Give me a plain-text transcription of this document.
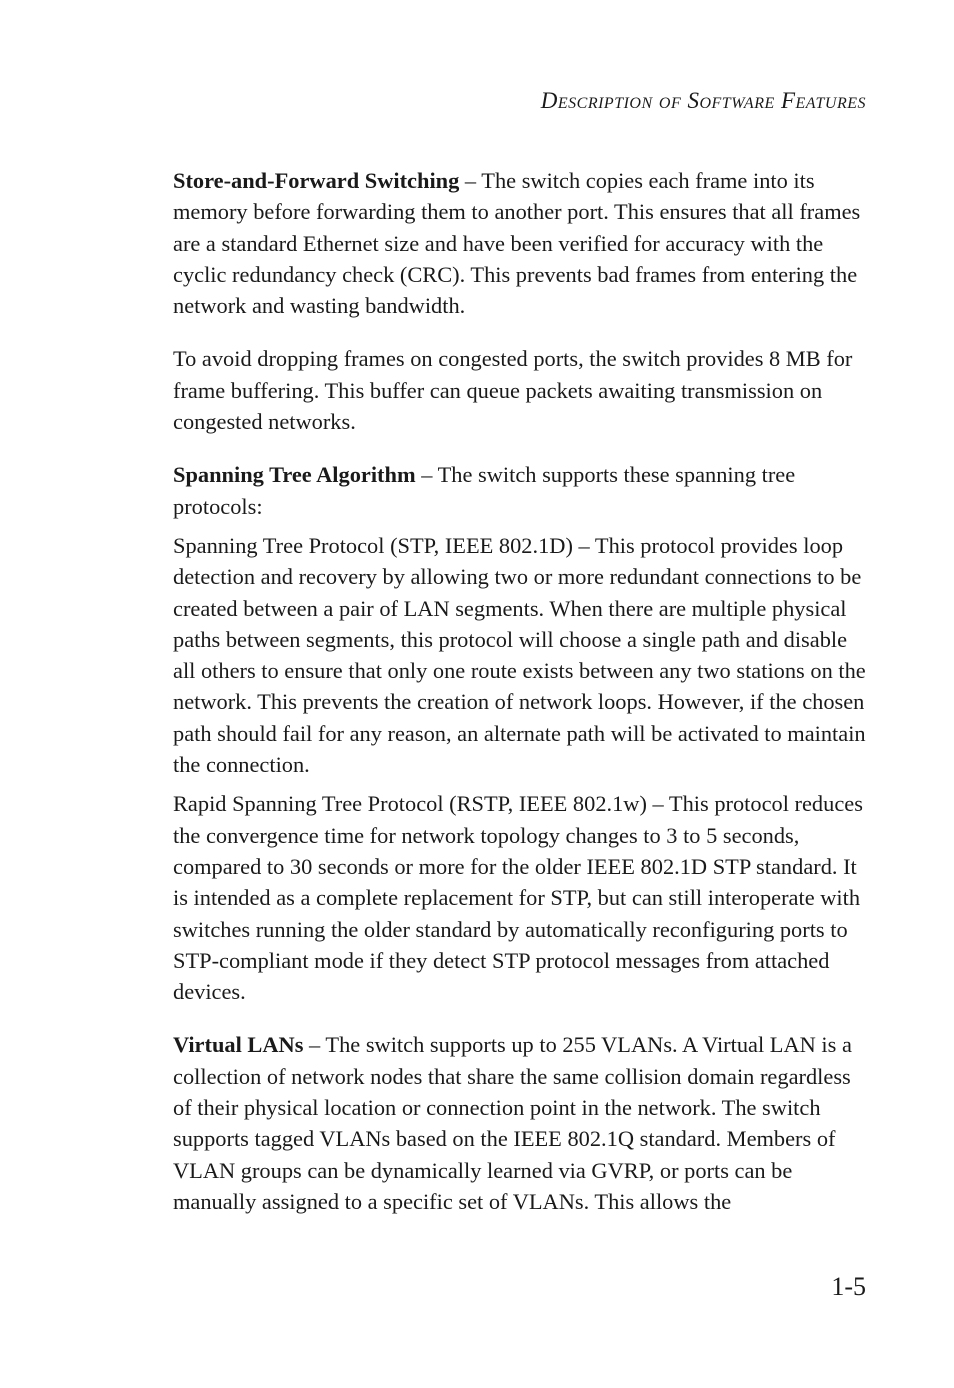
Description of Software Features

Store-and-Forward Switching – The switch copies each frame into its memory before forwarding them to another port. This ensures that all frames are a standard Ethernet size and have been verified for accuracy with the cyclic redundancy check (CRC). This prevents bad frames from entering the network and wasting bandwidth.

To avoid dropping frames on congested ports, the switch provides 8 MB for frame buffering. This buffer can queue packets awaiting transmission on congested networks.

Spanning Tree Algorithm – The switch supports these spanning tree protocols:

Spanning Tree Protocol (STP, IEEE 802.1D) – This protocol provides loop detection and recovery by allowing two or more redundant connections to be created between a pair of LAN segments. When there are multiple physical paths between segments, this protocol will choose a single path and disable all others to ensure that only one route exists between any two stations on the network. This prevents the creation of network loops. However, if the chosen path should fail for any reason, an alternate path will be activated to maintain the connection.

Rapid Spanning Tree Protocol (RSTP, IEEE 802.1w) – This protocol reduces the convergence time for network topology changes to 3 to 5 seconds, compared to 30 seconds or more for the older IEEE 802.1D STP standard. It is intended as a complete replacement for STP, but can still interoperate with switches running the older standard by automatically reconfiguring ports to STP-compliant mode if they detect STP protocol messages from attached devices.

Virtual LANs – The switch supports up to 255 VLANs. A Virtual LAN is a collection of network nodes that share the same collision domain regardless of their physical location or connection point in the network. The switch supports tagged VLANs based on the IEEE 802.1Q standard. Members of VLAN groups can be dynamically learned via GVRP, or ports can be manually assigned to a specific set of VLANs. This allows the

1-5
